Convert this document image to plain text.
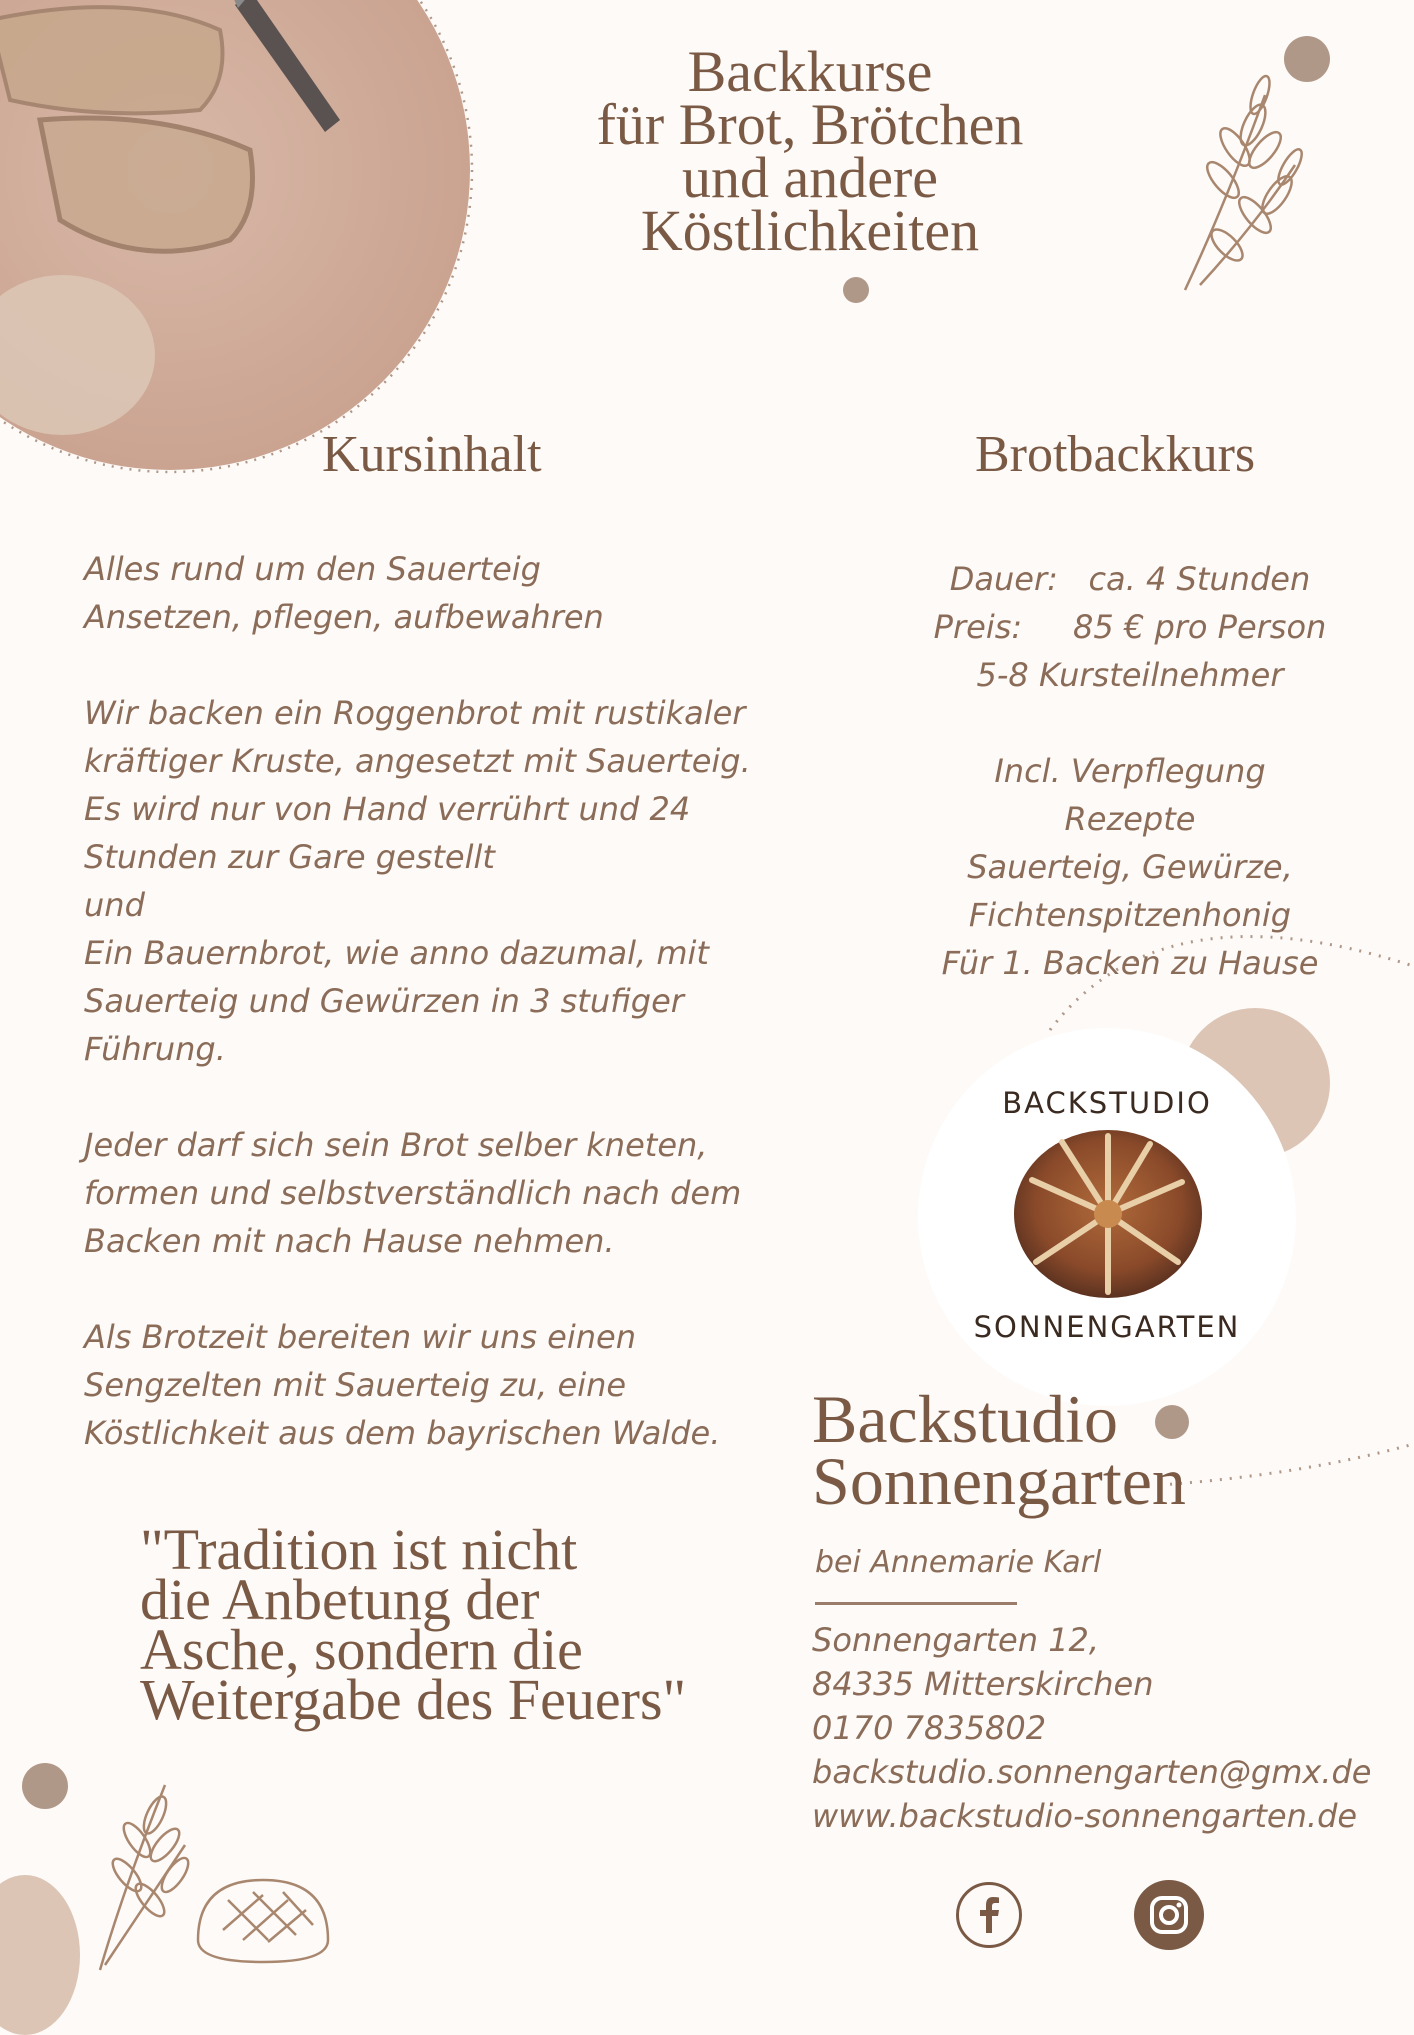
BACKSTUDIO
SONNENGARTEN
Backkurse
für Brot, Brötchen
und andere
Köstlichkeiten
Kursinhalt	Brotbackkurs

Alles rund um den Sauerteig
Ansetzen, pflegen, aufbewahren

Wir backen ein Roggenbrot mit rustikaler
kräftiger Kruste, angesetzt mit Sauerteig.
Es wird nur von Hand verrührt und 24
Stunden zur Gare gestellt
und
Ein Bauernbrot, wie anno dazumal, mit
Sauerteig und Gewürzen in 3 stufiger
Führung.

Jeder darf sich sein Brot selber kneten,
formen und selbstverständlich nach dem
Backen mit nach Hause nehmen.

Als Brotzeit bereiten wir uns einen
Sengzelten mit Sauerteig zu, eine
Köstlichkeit aus dem bayrischen Walde.

Dauer: ca. 4 Stunden
Preis: 85 € pro Person
5-8 Kursteilnehmer

Incl. Verpflegung
Rezepte
Sauerteig, Gewürze,
Fichtenspitzenhonig
Für 1. Backen zu Hause

"Tradition ist nicht
die Anbetung der
Asche, sondern die
Weitergabe des Feuers"
Backstudio
Sonnengarten
bei Annemarie Karl
Sonnengarten 12,
84335 Mitterskirchen
0170 7835802
backstudio.sonnengarten@gmx.de
www.backstudio-sonnengarten.de
